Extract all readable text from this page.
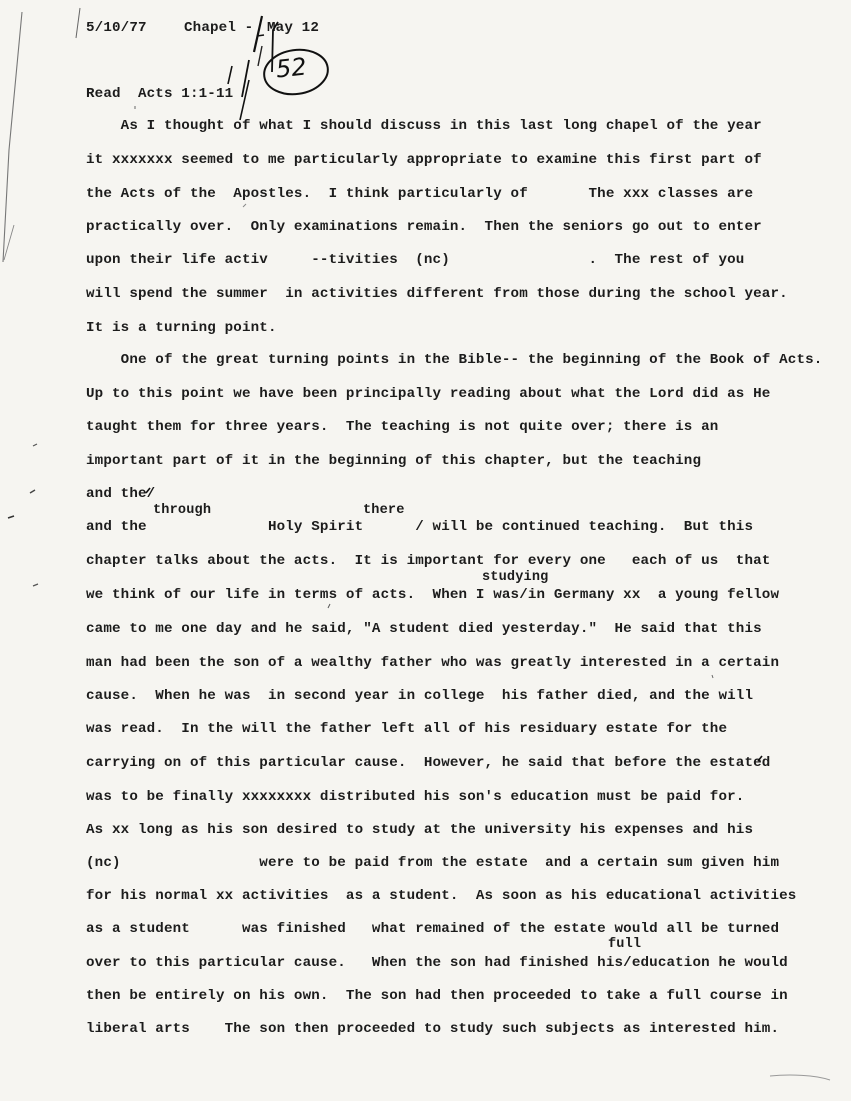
5/10/77	Chapel - May 12
52
Read  Acts 1:1-11
As I thought of what I should discuss in this last long chapel of the year
it xxxxxxx seemed to me particularly appropriate to examine this first part of
the Acts of the  Apostles.  I think particularly of       The xxx classes are
practically over.  Only examinations remain.  Then the seniors go out to enter
upon their life activ     --tivities  (nc)                .  The rest of you
will spend the summer  in activities different from those during the school year.
It is a turning point.
One of the great turning points in the Bible-- the beginning of the Book of Acts.
Up to this point we have been principally reading about what the Lord did as He
taught them for three years.  The teaching is not quite over; there is an
important part of it in the beginning of this chapter, but the teaching
and the/
through	there
and the              Holy Spirit      / will be continued teaching.  But this
chapter talks about the acts.  It is important for every one   each of us  that
studying
we think of our life in terms of acts.  When I was/in Germany xx  a young fellow
came to me one day and he said, "A student died yesterday."  He said that this
man had been the son of a wealthy father who was greatly interested in a certain
cause.  When he was  in second year in college  his father died, and the will
was read.  In the will the father left all of his residuary estate for the
carrying on of this particular cause.  However, he said that before the estated
was to be finally xxxxxxxx distributed his son's education must be paid for.
As xx long as his son desired to study at the university his expenses and his
(nc)                were to be paid from the estate  and a certain sum given him
for his normal xx activities  as a student.  As soon as his educational activities
as a student      was finished   what remained of the estate would all be turned
full
over to this particular cause.   When the son had finished his/education he would
then be entirely on his own.  The son had then proceeded to take a full course in
liberal arts    The son then proceeded to study such subjects as interested him.
